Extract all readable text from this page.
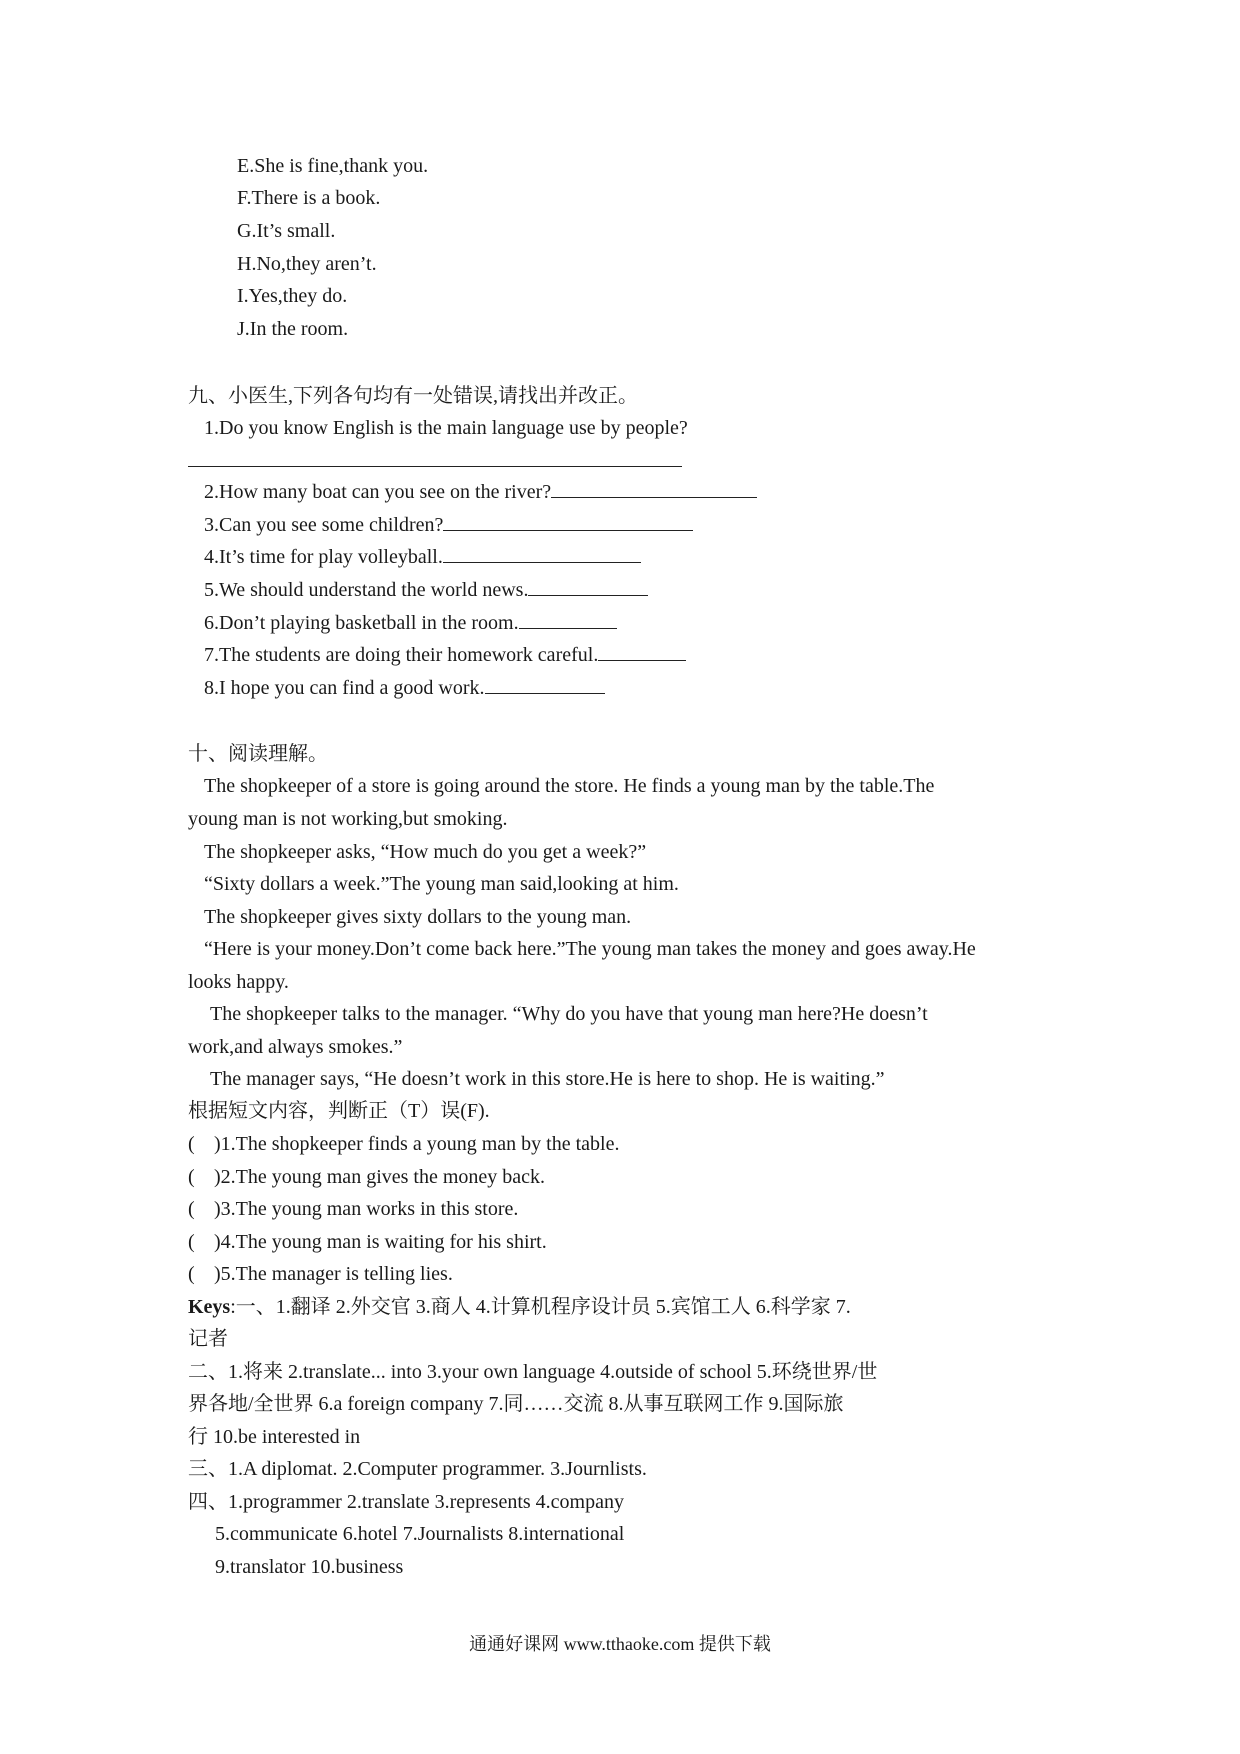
E.She is fine,thank you.
F.There is a book.
G.It’s small.
H.No,they aren’t.
I.Yes,they do.
J.In the room.
九、小医生,下列各句均有一处错误,请找出并改正。
1.Do you know English is the main language use by people?
2.How many boat can you see on the river?
3.Can you see some children?
4.It’s time for play volleyball.
5.We should understand the world news.
6.Don’t playing basketball in the room.
7.The students are doing their homework careful.
8.I hope you can find a good work.
十、阅读理解。
The shopkeeper of a store is going around the store. He finds a young man by the table.The
young man is not working,but smoking.
The shopkeeper asks, “How much do you get a week?”
“Sixty dollars a week.”The young man said,looking at him.
The shopkeeper gives sixty dollars to the young man.
“Here is your money.Don’t come back here.”The young man takes the money and goes away.He
looks happy.
The shopkeeper talks to the manager. “Why do you have that young man here?He doesn’t
work,and always smokes.”
The manager says, “He doesn’t work in this store.He is here to shop. He is waiting.”
根据短文内容，判断正（T）误(F).
( )1.The shopkeeper finds a young man by the table.
( )2.The young man gives the money back.
( )3.The young man works in this store.
( )4.The young man is waiting for his shirt.
( )5.The manager is telling lies.
Keys:一、1.翻译 2.外交官 3.商人 4.计算机程序设计员 5.宾馆工人 6.科学家 7.
记者
二、1.将来 2.translate... into 3.your own language 4.outside of school 5.环绕世界/世
界各地/全世界 6.a foreign company 7.同……交流 8.从事互联网工作 9.国际旅
行 10.be interested in
三、1.A diplomat. 2.Computer programmer. 3.Journlists.
四、1.programmer 2.translate 3.represents 4.company
5.communicate 6.hotel 7.Journalists 8.international
9.translator 10.business
通通好课网 www.tthaoke.com 提供下载
